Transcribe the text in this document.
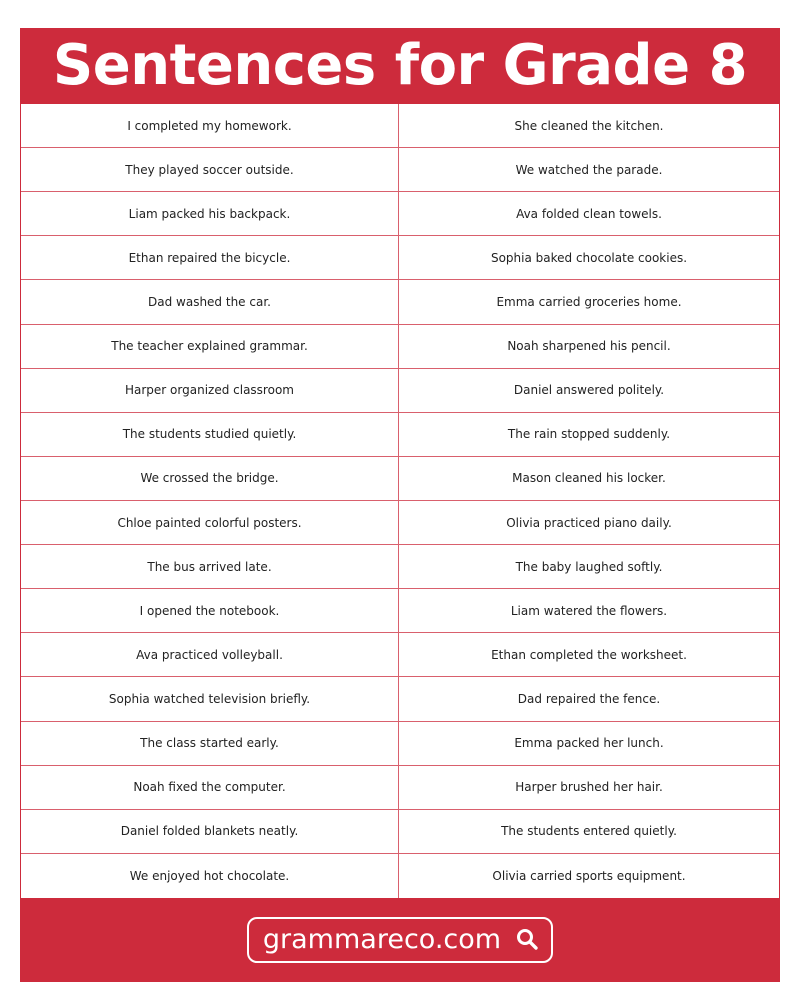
Sentences for Grade 8
I completed my homework.	She cleaned the kitchen.
They played soccer outside.	We watched the parade.
Liam packed his backpack.	Ava folded clean towels.
Ethan repaired the bicycle.	Sophia baked chocolate cookies.
Dad washed the car.	Emma carried groceries home.
The teacher explained grammar.	Noah sharpened his pencil.
Harper organized classroom	Daniel answered politely.
The students studied quietly.	The rain stopped suddenly.
We crossed the bridge.	Mason cleaned his locker.
Chloe painted colorful posters.	Olivia practiced piano daily.
The bus arrived late.	The baby laughed softly.
I opened the notebook.	Liam watered the flowers.
Ava practiced volleyball.	Ethan completed the worksheet.
Sophia watched television briefly.	Dad repaired the fence.
The class started early.	Emma packed her lunch.
Noah fixed the computer.	Harper brushed her hair.
Daniel folded blankets neatly.	The students entered quietly.
We enjoyed hot chocolate.	Olivia carried sports equipment.
grammareco.com
